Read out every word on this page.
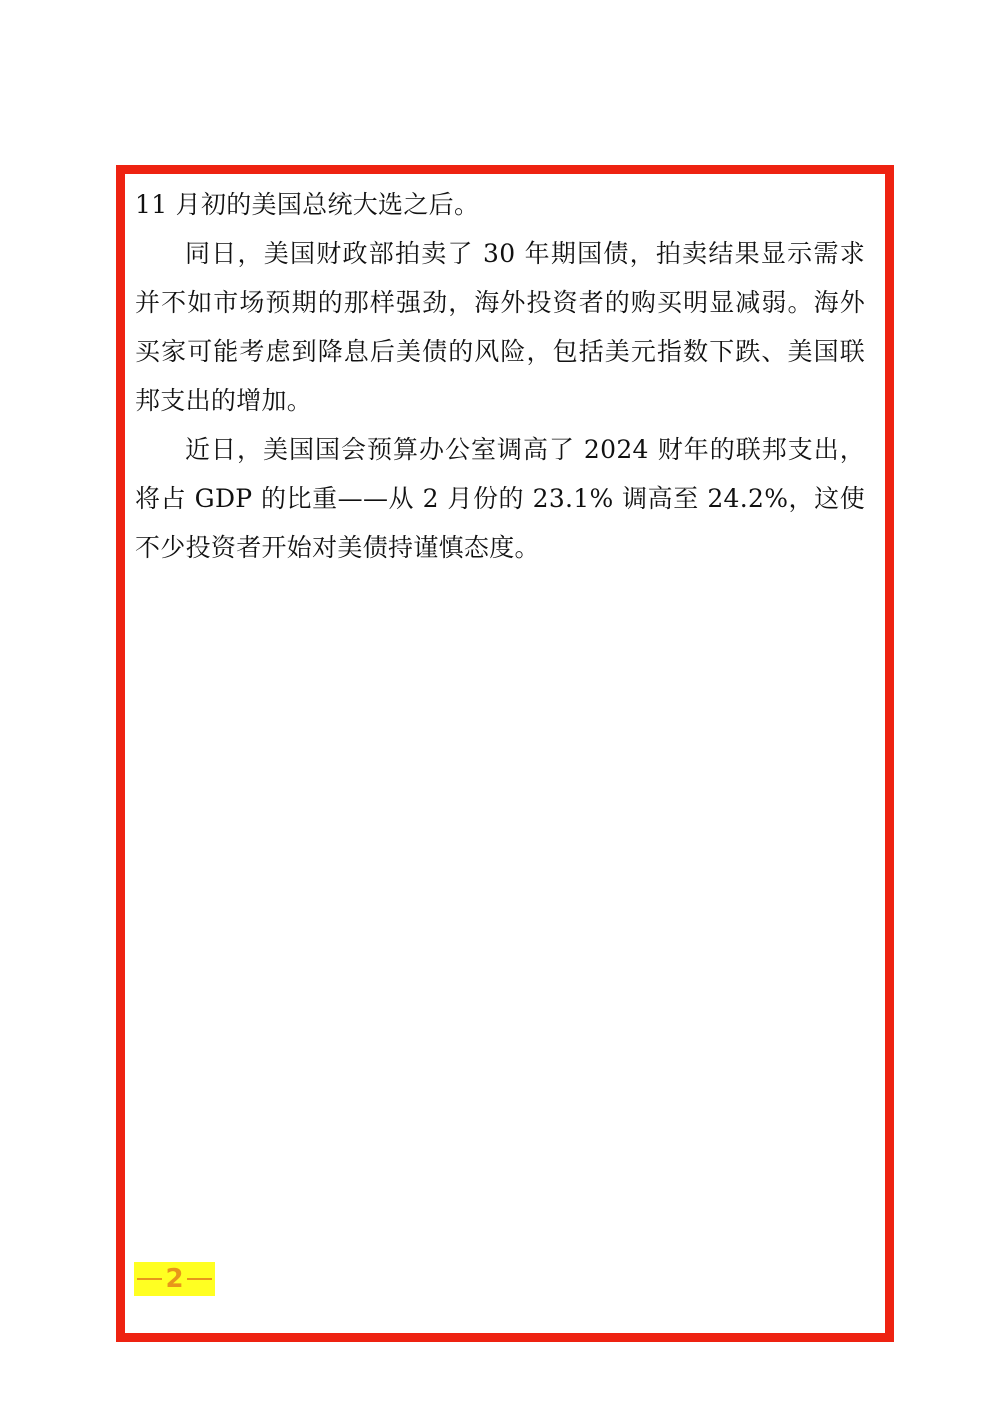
11 月初的美国总统大选之后。

同日，美国财政部拍卖了 30 年期国债，拍卖结果显示需求并不如市场预期的那样强劲，海外投资者的购买明显减弱。海外买家可能考虑到降息后美债的风险，包括美元指数下跌、美国联邦支出的增加。

近日，美国国会预算办公室调高了 2024 财年的联邦支出，将占 GDP 的比重——从 2 月份的 23.1% 调高至 24.2%，这使不少投资者开始对美债持谨慎态度。

2
